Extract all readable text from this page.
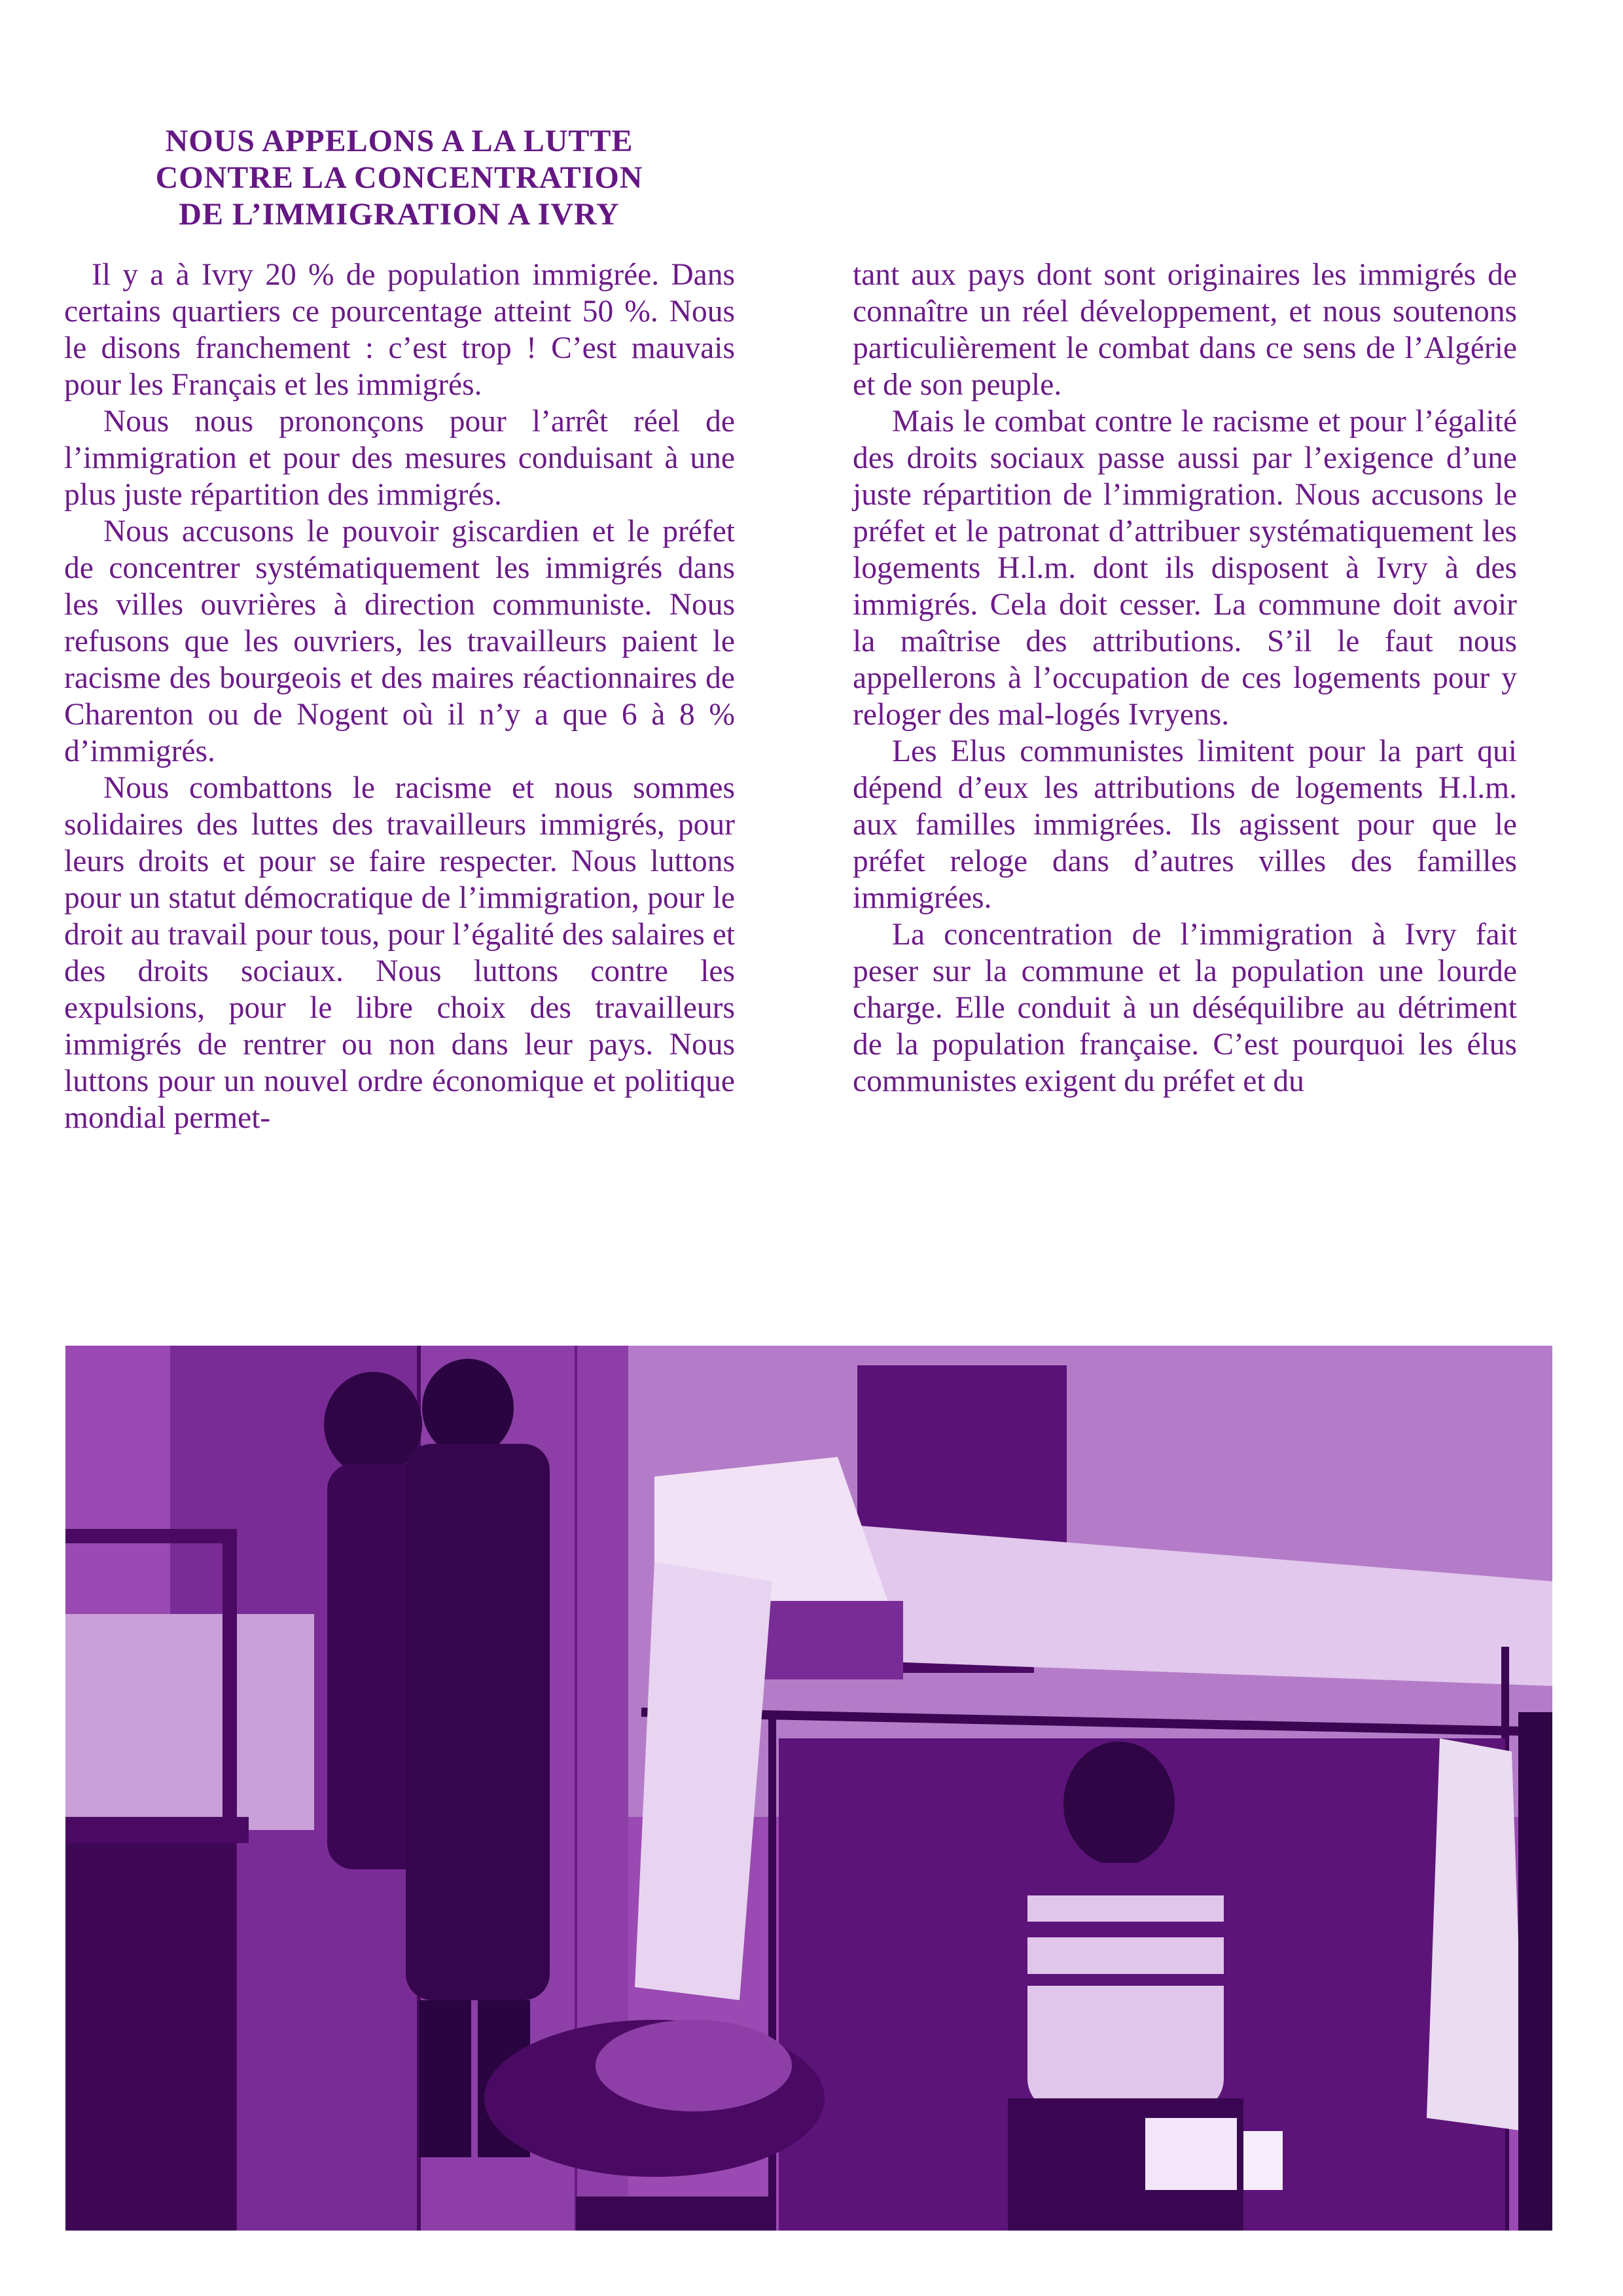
NOUS APPELONS A LA LUTTE
CONTRE LA CONCENTRATION
DE L’IMMIGRATION A IVRY

Il y a à Ivry 20 % de population immigrée. Dans certains quartiers ce pourcentage atteint 50 %. Nous le disons franchement : c’est trop ! C’est mauvais pour les Français et les immigrés.

Nous nous prononçons pour l’arrêt réel de l’immigration et pour des mesures conduisant à une plus juste répartition des immigrés.

Nous accusons le pouvoir giscardien et le préfet de concentrer systématiquement les immigrés dans les villes ouvrières à direction communiste. Nous refusons que les ouvriers, les travailleurs paient le racisme des bourgeois et des maires réactionnaires de Charenton ou de Nogent où il n’y a que 6 à 8 % d’immigrés.

Nous combattons le racisme et nous sommes solidaires des luttes des travailleurs immigrés, pour leurs droits et pour se faire respecter. Nous luttons pour un statut démocratique de l’immigration, pour le droit au travail pour tous, pour l’égalité des salaires et des droits sociaux. Nous luttons contre les expulsions, pour le libre choix des travailleurs immigrés de rentrer ou non dans leur pays. Nous luttons pour un nouvel ordre économique et politique mondial permet-

tant aux pays dont sont originaires les immigrés de connaître un réel développement, et nous soutenons particulièrement le combat dans ce sens de l’Algérie et de son peuple.

Mais le combat contre le racisme et pour l’égalité des droits sociaux passe aussi par l’exigence d’une juste répartition de l’immigration. Nous accusons le préfet et le patronat d’attribuer systématiquement les logements H.l.m. dont ils disposent à Ivry à des immigrés. Cela doit cesser. La commune doit avoir la maîtrise des attributions. S’il le faut nous appellerons à l’occupation de ces logements pour y reloger des mal-logés Ivryens.

Les Elus communistes limitent pour la part qui dépend d’eux les attributions de logements H.l.m. aux familles immigrées. Ils agissent pour que le préfet reloge dans d’autres villes des familles immigrées.

La concentration de l’immigration à Ivry fait peser sur la commune et la population une lourde charge. Elle conduit à un déséquilibre au détriment de la population française. C’est pourquoi les élus communistes exigent du préfet et du
